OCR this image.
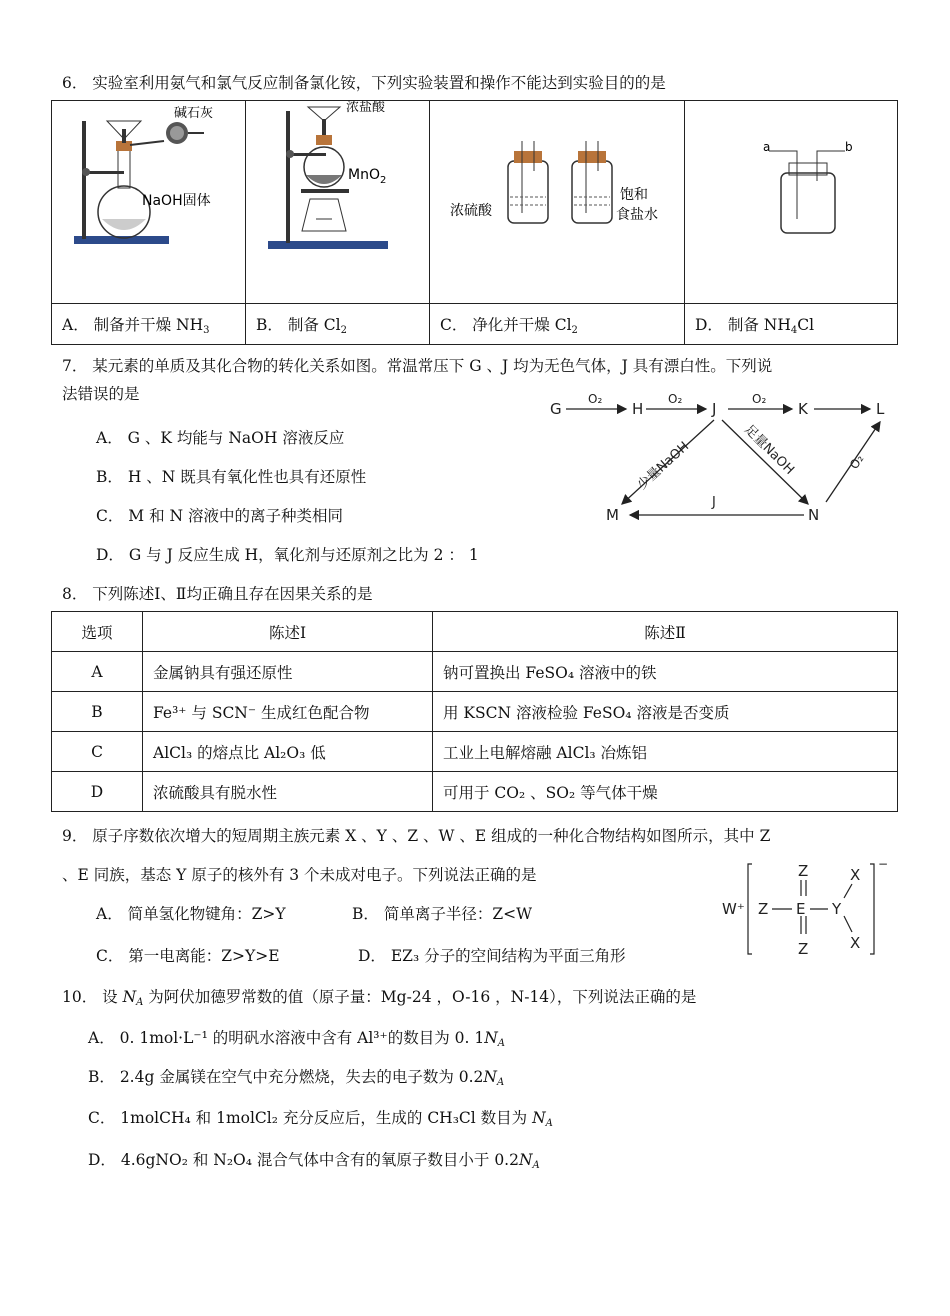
6． 实验室利用氨气和氯气反应制备氯化铵，下列实验装置和操作不能达到实验目的的是
碱石灰
NaOH固体	浓盐酸
MnO$_2$	浓硫酸
饱和
食盐水	a b

A． 制备并干燥 $NH_3$	B． 制备 $Cl_2$	C． 净化并干燥 $Cl_2$	D． 制备 $NH_4Cl$
7． 某元素的单质及其化合物的转化关系如图。常温常压下 G 、J 均为无色气体，J 具有漂白性。下列说
法错误的是
A． G 、K 均能与 NaOH 溶液反应
B． H 、N 既具有氧化性也具有还原性
C． M 和 N 溶液中的离子种类相同
D． G 与 J 反应生成 H，氧化剂与还原剂之比为 2 ： 1
G	H	J	K	L
M	N
O₂	O₂	O₂
J
少量NaOH	足量NaOH	O₂
8． 下列陈述Ⅰ、Ⅱ均正确且存在因果关系的是
选项	陈述Ⅰ	陈述Ⅱ
A	金属钠具有强还原性	钠可置换出 FeSO₄ 溶液中的铁
B	Fe³⁺ 与 SCN⁻ 生成红色配合物	用 KSCN 溶液检验 FeSO₄ 溶液是否变质
C	AlCl₃ 的熔点比 Al₂O₃ 低	工业上电解熔融 AlCl₃ 冶炼铝
D	浓硫酸具有脱水性	可用于 CO₂ 、SO₂ 等气体干燥
9． 原子序数依次增大的短周期主族元素 X 、Y 、Z 、W 、E 组成的一种化合物结构如图所示，其中 Z
、E 同族，基态 Y 原子的核外有 3 个未成对电子。下列说法正确的是
A． 简单氢化物键角：Z>Y	B． 简单离子半径：Z<W
C． 第一电离能：Z>Y>E	D． EZ₃ 分子的空间结构为平面三角形
W⁺ Z E
Z
Z
Y
X
X
−
10． 设 $N_A$ 为阿伏加德罗常数的值（原子量：Mg-24 ，O-16 ，N-14），下列说法正确的是
A． 0. 1mol·L⁻¹ 的明矾水溶液中含有 Al³⁺的数目为 0. $1N_A$
B． 2.4g 金属镁在空气中充分燃烧，失去的电子数为 $0.2N_A$
C． 1molCH₄ 和 1molCl₂ 充分反应后，生成的 CH₃Cl 数目为 $N_A$
D． 4.6gNO₂ 和 N₂O₄ 混合气体中含有的氧原子数目小于 $0.2N_A$
